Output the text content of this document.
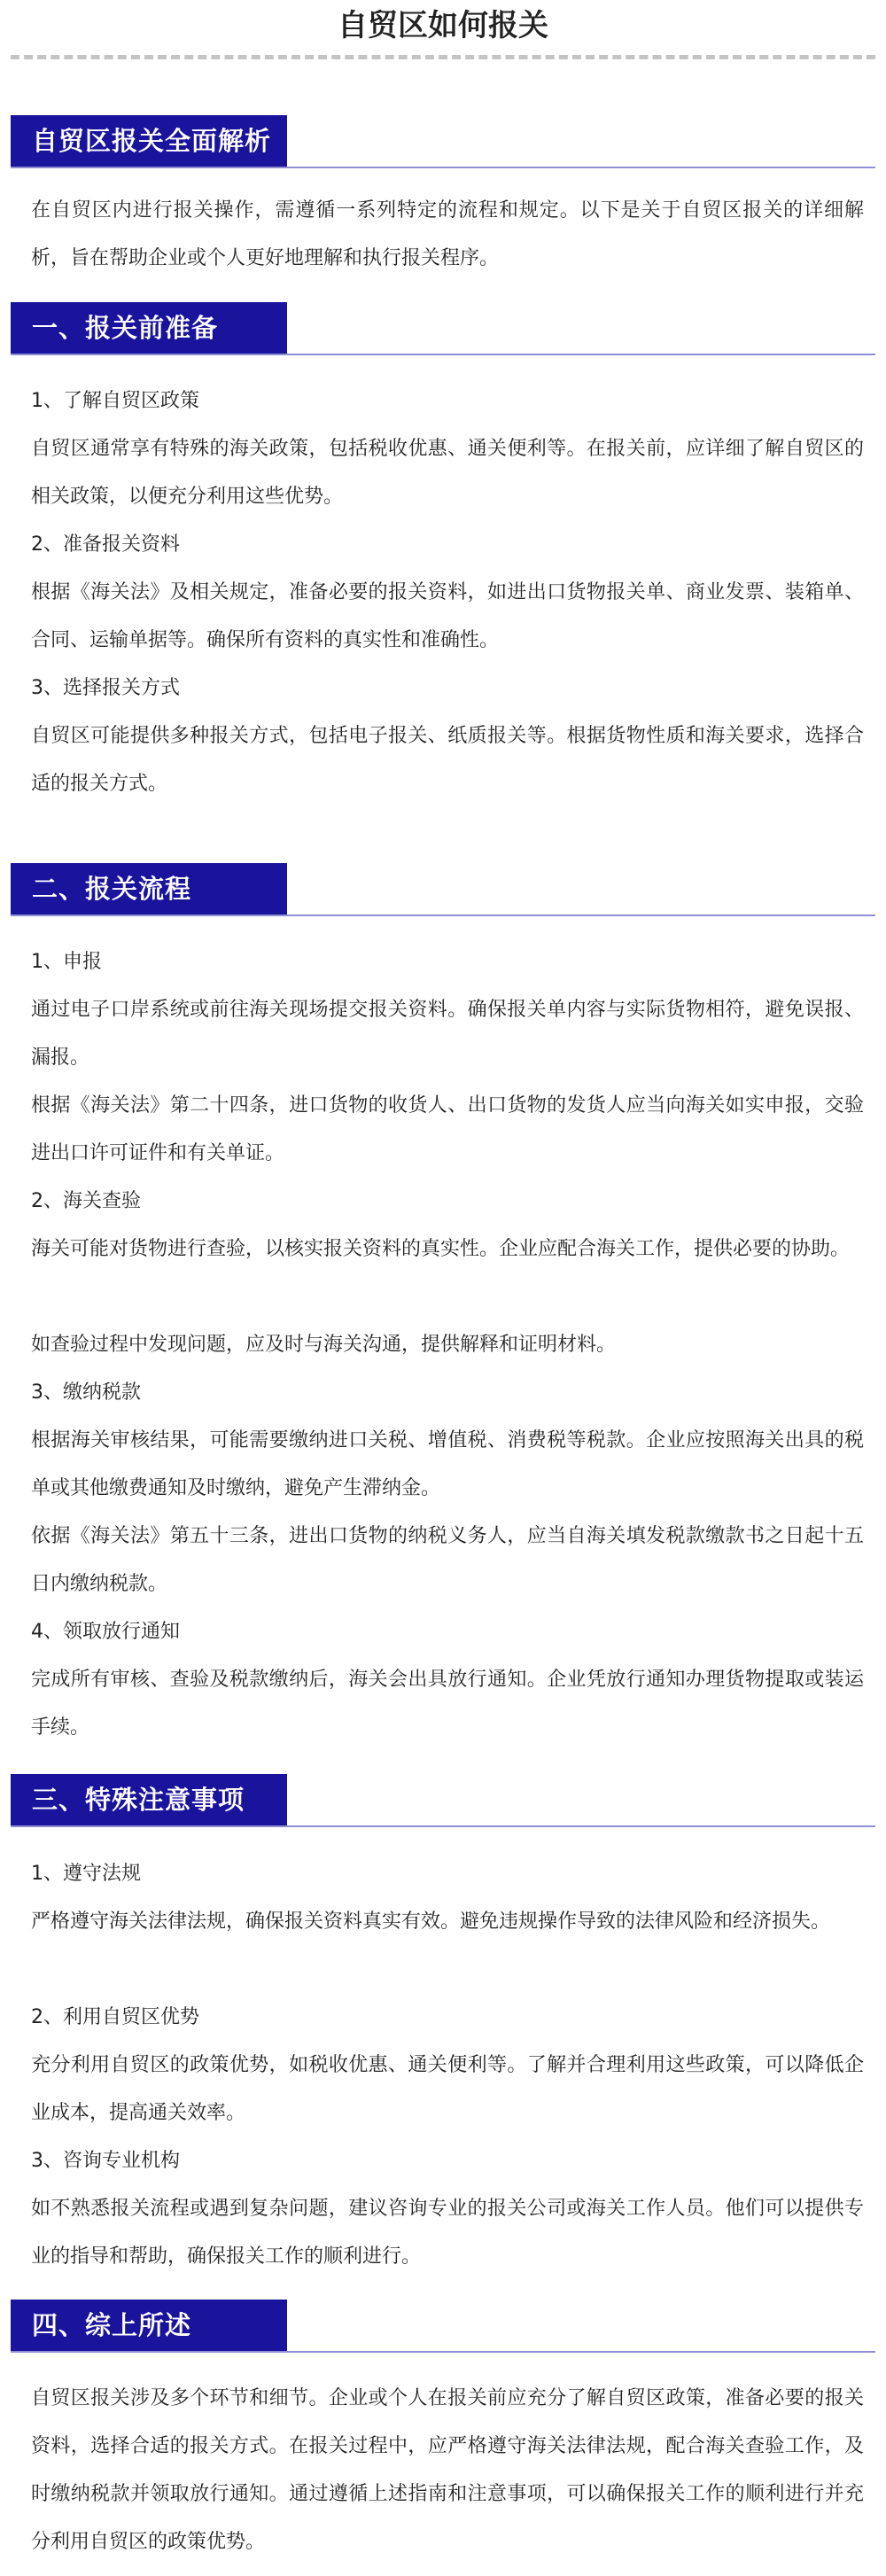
自贸区如何报关
自贸区报关全面解析

在自贸区内进行报关操作，需遵循一系列特定的流程和规定。以下是关于自贸区报关的详细解析，旨在帮助企业或个人更好地理解和执行报关程序。

一、报关前准备

1、了解自贸区政策

自贸区通常享有特殊的海关政策，包括税收优惠、通关便利等。在报关前，应详细了解自贸区的相关政策，以便充分利用这些优势。

2、准备报关资料

根据《海关法》及相关规定，准备必要的报关资料，如进出口货物报关单、商业发票、装箱单、合同、运输单据等。确保所有资料的真实性和准确性。

3、选择报关方式

自贸区可能提供多种报关方式，包括电子报关、纸质报关等。根据货物性质和海关要求，选择合适的报关方式。

二、报关流程

1、申报

通过电子口岸系统或前往海关现场提交报关资料。确保报关单内容与实际货物相符，避免误报、漏报。

根据《海关法》第二十四条，进口货物的收货人、出口货物的发货人应当向海关如实申报，交验进出口许可证件和有关单证。

2、海关查验

海关可能对货物进行查验，以核实报关资料的真实性。企业应配合海关工作，提供必要的协助。

如查验过程中发现问题，应及时与海关沟通，提供解释和证明材料。

3、缴纳税款

根据海关审核结果，可能需要缴纳进口关税、增值税、消费税等税款。企业应按照海关出具的税单或其他缴费通知及时缴纳，避免产生滞纳金。

依据《海关法》第五十三条，进出口货物的纳税义务人，应当自海关填发税款缴款书之日起十五日内缴纳税款。

4、领取放行通知

完成所有审核、查验及税款缴纳后，海关会出具放行通知。企业凭放行通知办理货物提取或装运手续。

三、特殊注意事项

1、遵守法规

严格遵守海关法律法规，确保报关资料真实有效。避免违规操作导致的法律风险和经济损失。

2、利用自贸区优势

充分利用自贸区的政策优势，如税收优惠、通关便利等。了解并合理利用这些政策，可以降低企业成本，提高通关效率。

3、咨询专业机构

如不熟悉报关流程或遇到复杂问题，建议咨询专业的报关公司或海关工作人员。他们可以提供专业的指导和帮助，确保报关工作的顺利进行。

四、综上所述

自贸区报关涉及多个环节和细节。企业或个人在报关前应充分了解自贸区政策，准备必要的报关资料，选择合适的报关方式。在报关过程中，应严格遵守海关法律法规，配合海关查验工作，及时缴纳税款并领取放行通知。通过遵循上述指南和注意事项，可以确保报关工作的顺利进行并充分利用自贸区的政策优势。
